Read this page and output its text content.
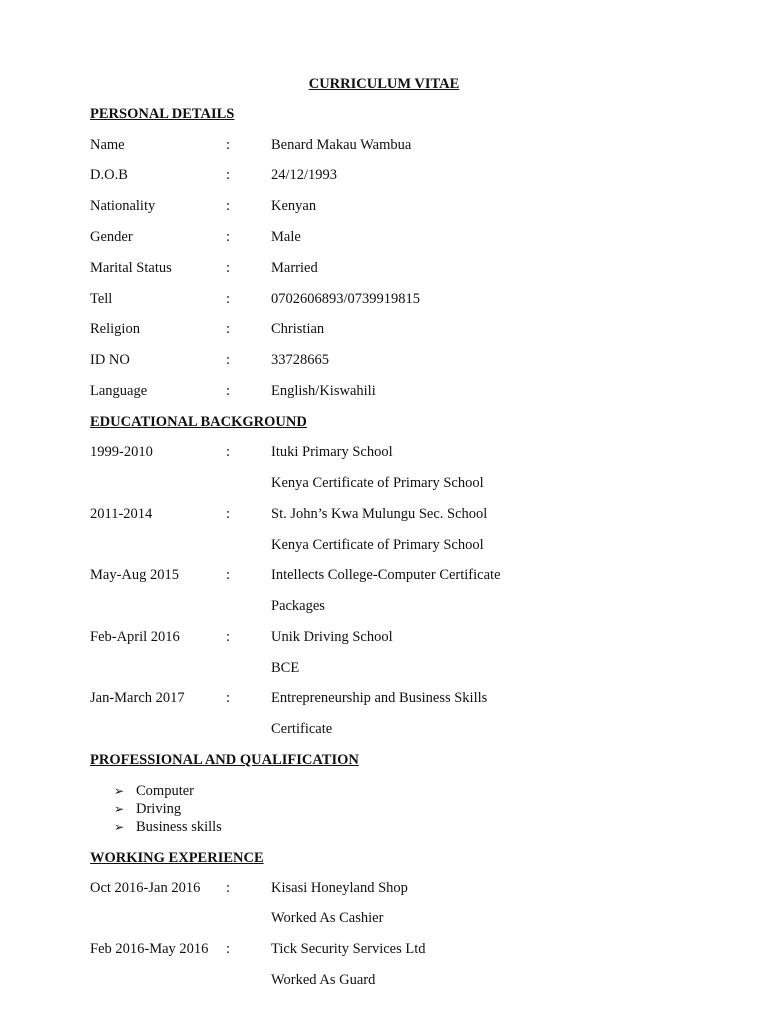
CURRICULUM VITAE
PERSONAL DETAILS
Name	:	Benard Makau Wambua
D.O.B	:	24/12/1993
Nationality	:	Kenyan
Gender	:	Male
Marital Status	:	Married
Tell	:	0702606893/0739919815
Religion	:	Christian
ID NO	:	33728665
Language	:	English/Kiswahili
EDUCATIONAL BACKGROUND
1999-2010	:	Ituki Primary School
Kenya Certificate of Primary School
2011-2014	:	St. John’s Kwa Mulungu Sec. School
Kenya Certificate of Primary School
May-Aug 2015	:	Intellects College-Computer Certificate
Packages
Feb-April 2016	:	Unik Driving School
BCE
Jan-March 2017	:	Entrepreneurship and Business Skills
Certificate
PROFESSIONAL AND QUALIFICATION
➢ Computer
➢ Driving
➢ Business skills
WORKING EXPERIENCE
Oct 2016-Jan 2016 :	Kisasi Honeyland Shop
Worked As Cashier
Feb 2016-May 2016 :	Tick Security Services Ltd
Worked As Guard
